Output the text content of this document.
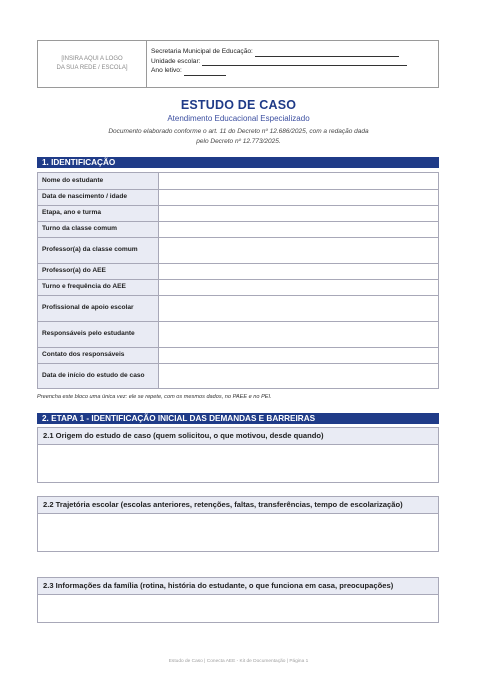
[INSIRA AQUI A LOGO
DA SUA REDE / ESCOLA]
Secretaria Municipal de Educação:
Unidade escolar:
Ano letivo:
ESTUDO DE CASO
Atendimento Educacional Especializado
Documento elaborado conforme o art. 11 do Decreto nº 12.686/2025, com a redação dada
pelo Decreto nº 12.773/2025.
1. IDENTIFICAÇÃO
Nome do estudante	
Data de nascimento / idade	
Etapa, ano e turma	
Turno da classe comum	
Professor(a) da classe comum	
Professor(a) do AEE	
Turno e frequência do AEE	
Profissional de apoio escolar	
Responsáveis pelo estudante	
Contato dos responsáveis	
Data de início do estudo de caso	
Preencha este bloco uma única vez: ele se repete, com os mesmos dados, no PAEE e no PEI.
2. ETAPA 1 - IDENTIFICAÇÃO INICIAL DAS DEMANDAS E BARREIRAS
2.1 Origem do estudo de caso (quem solicitou, o que motivou, desde quando)
2.2 Trajetória escolar (escolas anteriores, retenções, faltas, transferências, tempo de escolarização)
2.3 Informações da família (rotina, história do estudante, o que funciona em casa, preocupações)
Estudo de Caso | Conecta AEE - Kit de Documentação | Página 1
